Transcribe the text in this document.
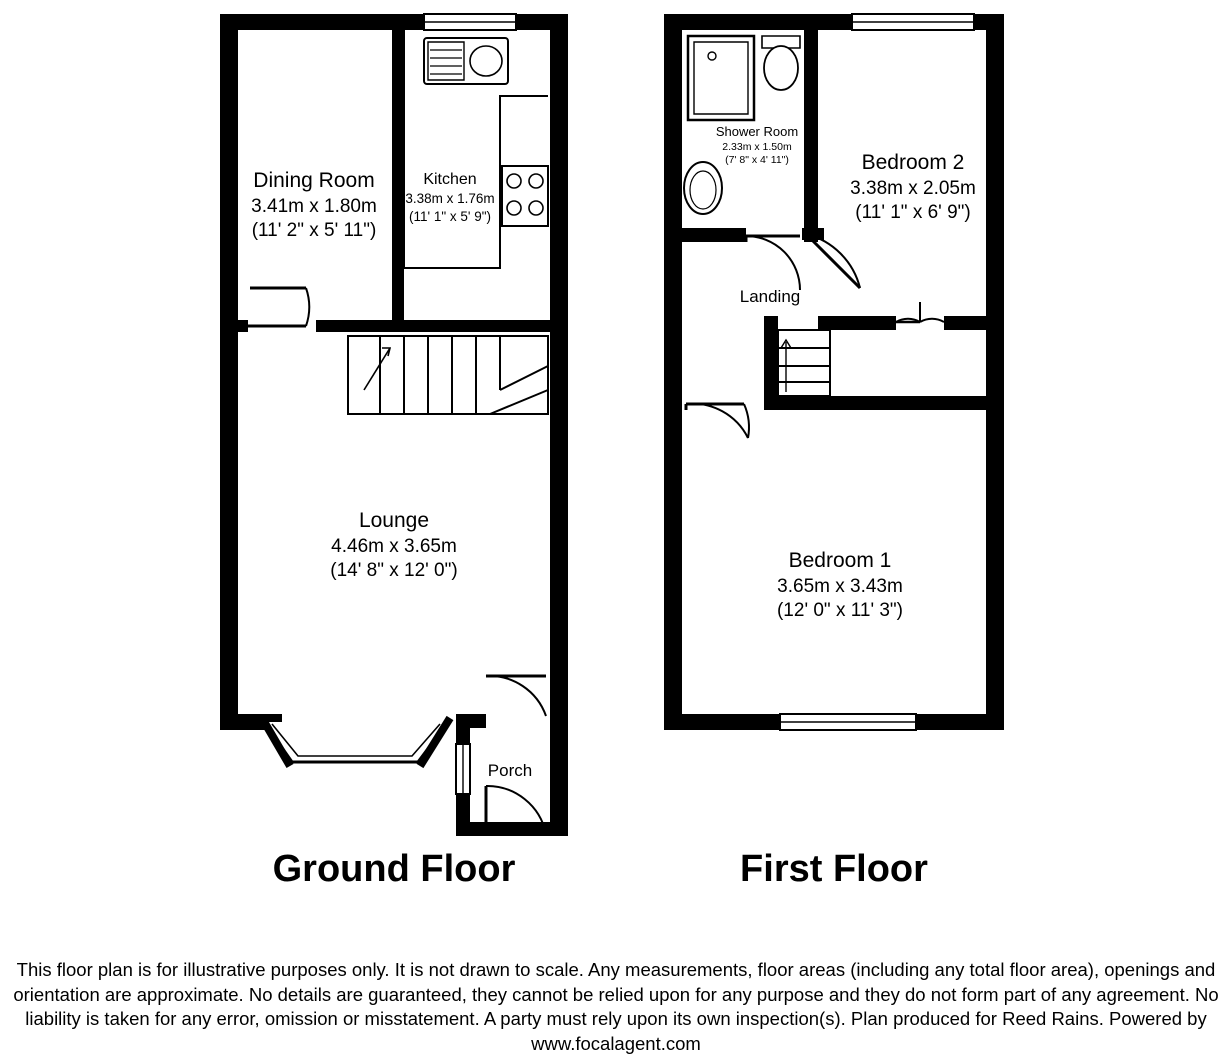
Dining Room
3.41m x 1.80m
(11' 2" x 5' 11")
Kitchen
3.38m x 1.76m
(11' 1" x 5' 9")
Lounge
4.46m x 3.65m
(14' 8" x 12' 0")
Porch
Ground Floor
Shower Room
2.33m x 1.50m
(7' 8" x 4' 11")	Bedroom 2
3.38m x 2.05m
(11' 1" x 6' 9")
Landing
Bedroom 1
3.65m x 3.43m
(12' 0" x 11' 3")
First Floor
This floor plan is for illustrative purposes only. It is not drawn to scale. Any measurements, floor areas (including any total floor area), openings and orientation are approximate. No details are guaranteed, they cannot be relied upon for any purpose and they do not form part of any agreement. No liability is taken for any error, omission or misstatement. A party must rely upon its own inspection(s). Plan produced for Reed Rains. Powered by
www.focalagent.com
